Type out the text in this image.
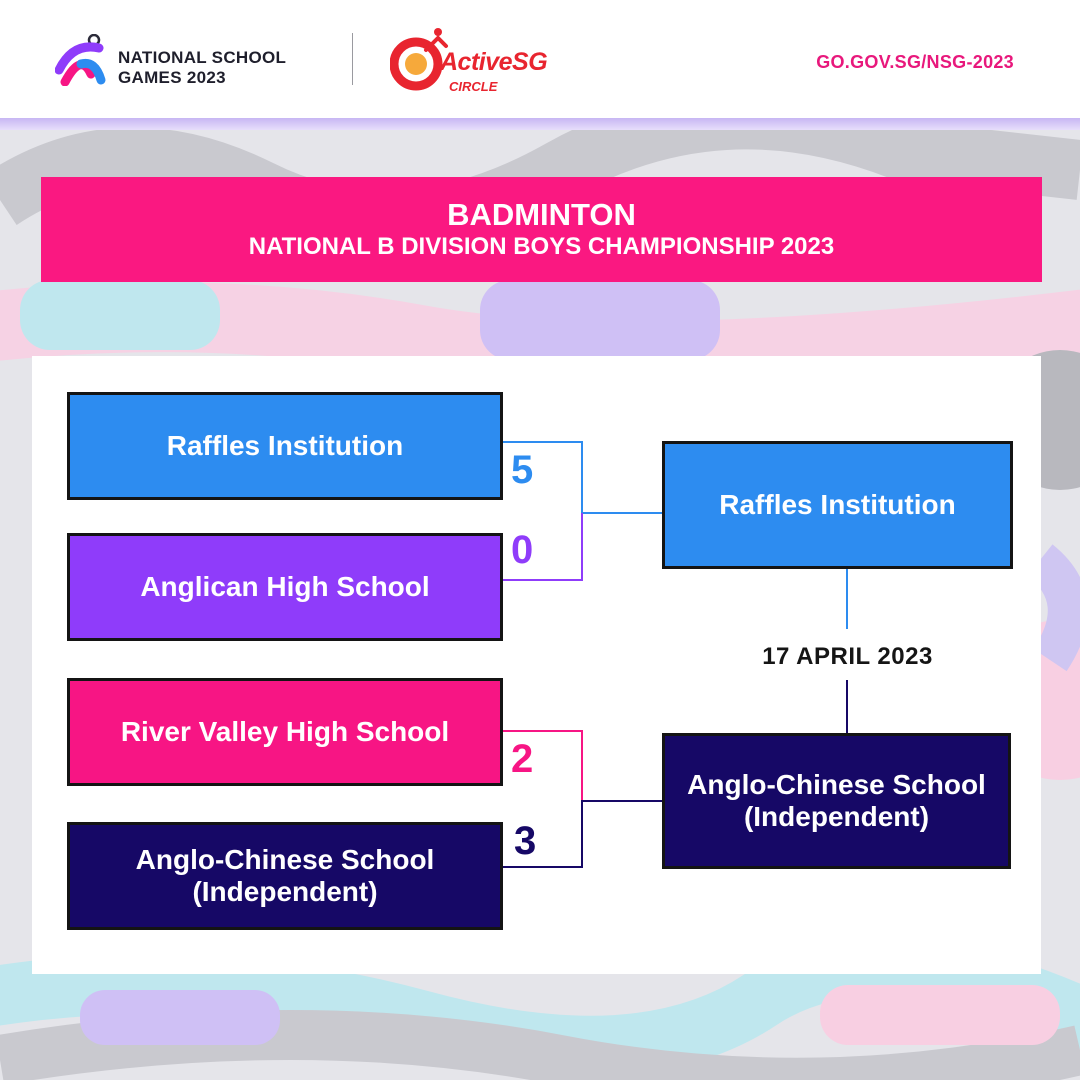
NATIONAL SCHOOL
GAMES 2023
ActiveSG
CIRCLE
GO.GOV.SG/NSG-2023
BADMINTON
NATIONAL B DIVISION BOYS CHAMPIONSHIP 2023
Raffles Institution
Anglican High School
5
0
River Valley High School
Anglo-Chinese School
(Independent)
2
3
Raffles Institution
17 APRIL 2023
Anglo-Chinese School
(Independent)
